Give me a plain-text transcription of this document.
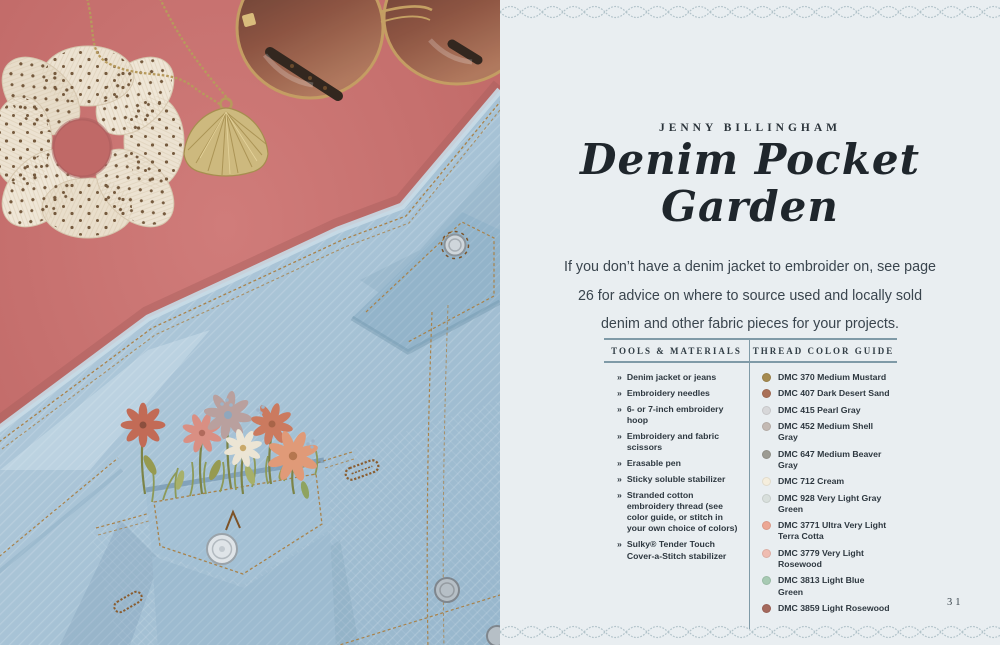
JENNY BILLINGHAM
Denim Pocket
Garden

If you don’t have a denim jacket to embroider on, see page 26 for advice on where to source used and locally sold denim and other fabric pieces for your projects.

TOOLS & MATERIALS	THREAD COLOR GUIDE
» Denim jacket or jeans
» Embroidery needles
» 6- or 7-inch embroidery hoop
» Embroidery and fabric scissors
» Erasable pen
» Sticky soluble stabilizer
» Stranded cotton embroidery thread (see color guide, or stitch in your own choice of colors)
» Sulky® Tender Touch Cover-a-Stitch stabilizer
DMC 370 Medium Mustard
DMC 407 Dark Desert Sand
DMC 415 Pearl Gray
DMC 452 Medium Shell Gray
DMC 647 Medium Beaver Gray
DMC 712 Cream
DMC 928 Very Light Gray Green
DMC 3771 Ultra Very Light Terra Cotta
DMC 3779 Very Light Rosewood
DMC 3813 Light Blue Green
DMC 3859 Light Rosewood	31
